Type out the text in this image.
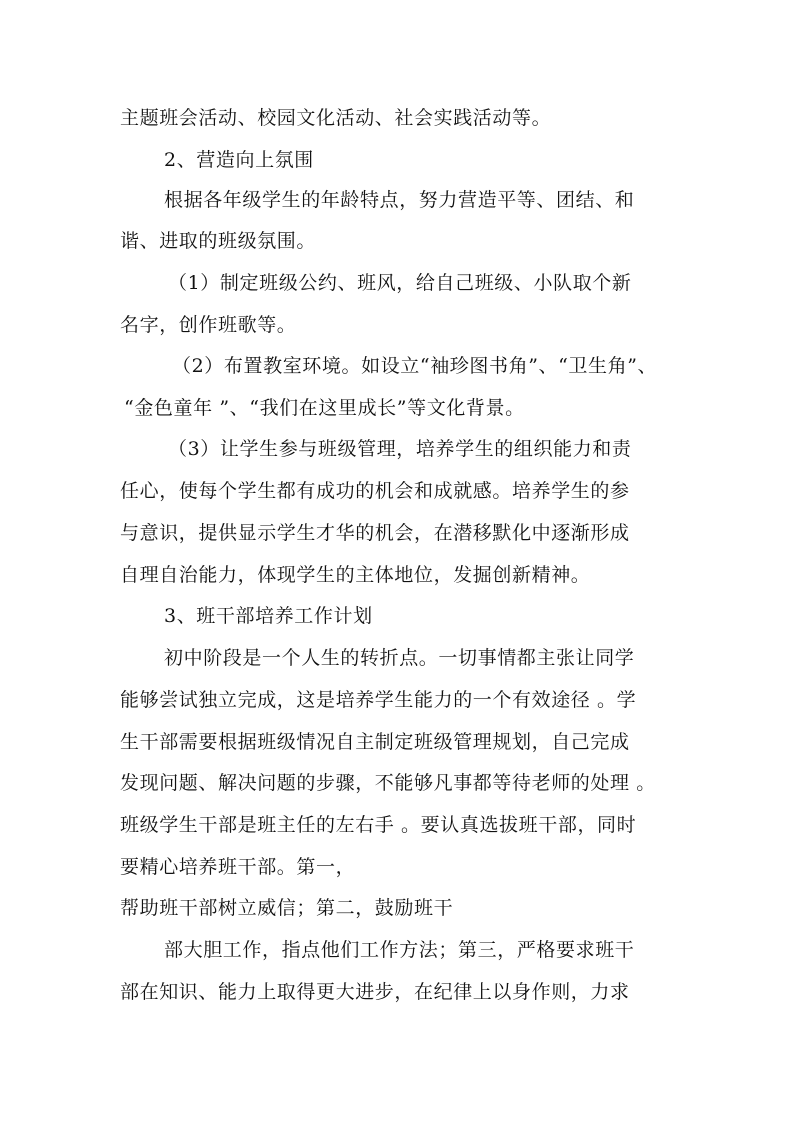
主题班会活动、校园文化活动、社会实践活动等。
2、营造向上氛围
根据各年级学生的年龄特点，努力营造平等、团结、和
谐、进取的班级氛围。
（1）制定班级公约、班风，给自己班级、小队取个新
名字，创作班歌等。
（2）布置教室环境。如设立“袖珍图书角”、“卫生角”、
“金色童年 ”、“我们在这里成长”等文化背景。
（3）让学生参与班级管理，培养学生的组织能力和责
任心，使每个学生都有成功的机会和成就感。培养学生的参
与意识，提供显示学生才华的机会，在潜移默化中逐渐形成
自理自治能力，体现学生的主体地位，发掘创新精神。
3、班干部培养工作计划
初中阶段是一个人生的转折点。一切事情都主张让同学
能够尝试独立完成，这是培养学生能力的一个有效途径 。学
生干部需要根据班级情况自主制定班级管理规划，自己完成
发现问题、解决问题的步骤，不能够凡事都等待老师的处理 。
班级学生干部是班主任的左右手 。要认真选拔班干部，同时
要精心培养班干部。第一，
帮助班干部树立威信；第二，鼓励班干
部大胆工作，指点他们工作方法；第三，严格要求班干
部在知识、能力上取得更大进步，在纪律上以身作则，力求
